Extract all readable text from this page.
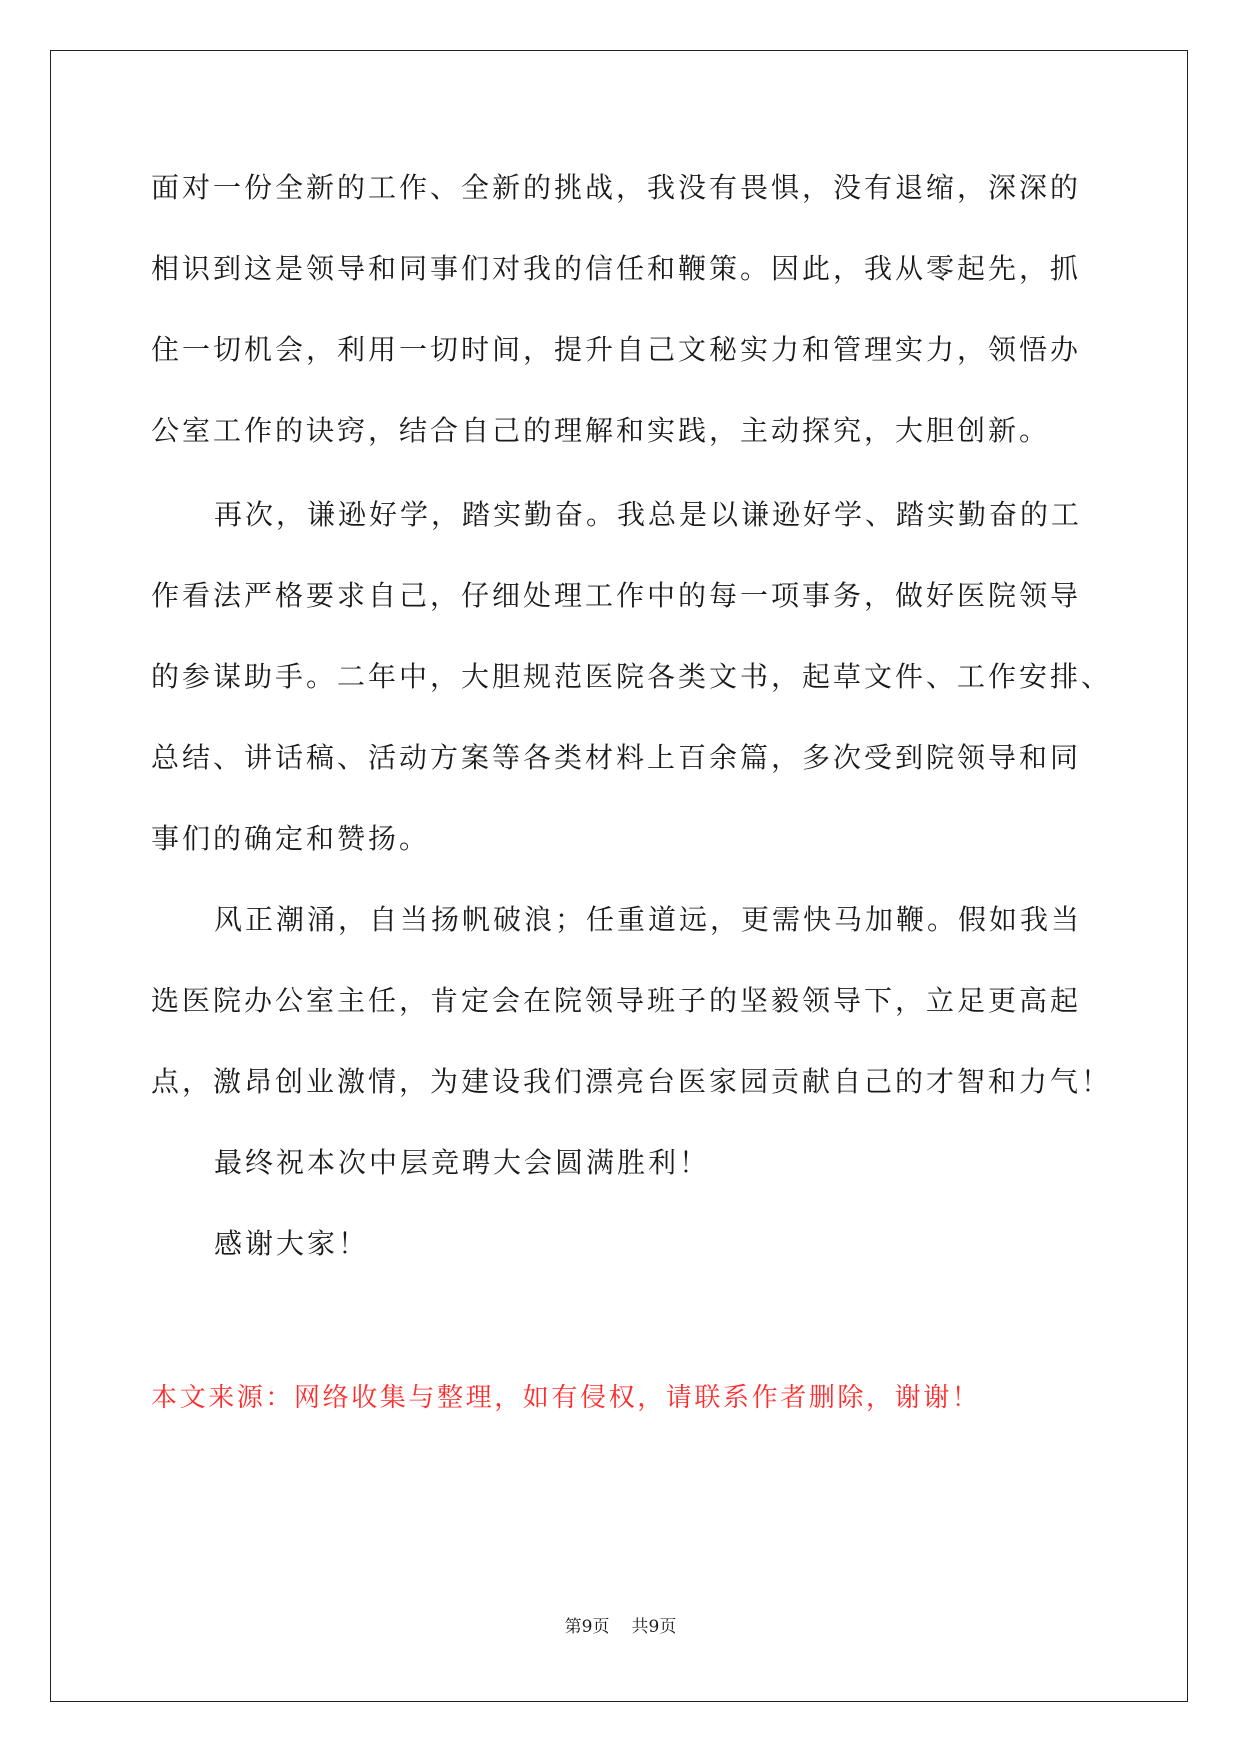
面对一份全新的工作、全新的挑战，我没有畏惧，没有退缩，深深的
相识到这是领导和同事们对我的信任和鞭策。因此，我从零起先，抓
住一切机会，利用一切时间，提升自己文秘实力和管理实力，领悟办
公室工作的诀窍，结合自己的理解和实践，主动探究，大胆创新。
再次，谦逊好学，踏实勤奋。我总是以谦逊好学、踏实勤奋的工
作看法严格要求自己，仔细处理工作中的每一项事务，做好医院领导
的参谋助手。二年中，大胆规范医院各类文书，起草文件、工作安排、
总结、讲话稿、活动方案等各类材料上百余篇，多次受到院领导和同
事们的确定和赞扬。
风正潮涌，自当扬帆破浪；任重道远，更需快马加鞭。假如我当
选医院办公室主任，肯定会在院领导班子的坚毅领导下，立足更高起
点，激昂创业激情，为建设我们漂亮台医家园贡献自己的才智和力气！
最终祝本次中层竞聘大会圆满胜利！
感谢大家！
本文来源：网络收集与整理，如有侵权，请联系作者删除，谢谢！
第9页 共9页
